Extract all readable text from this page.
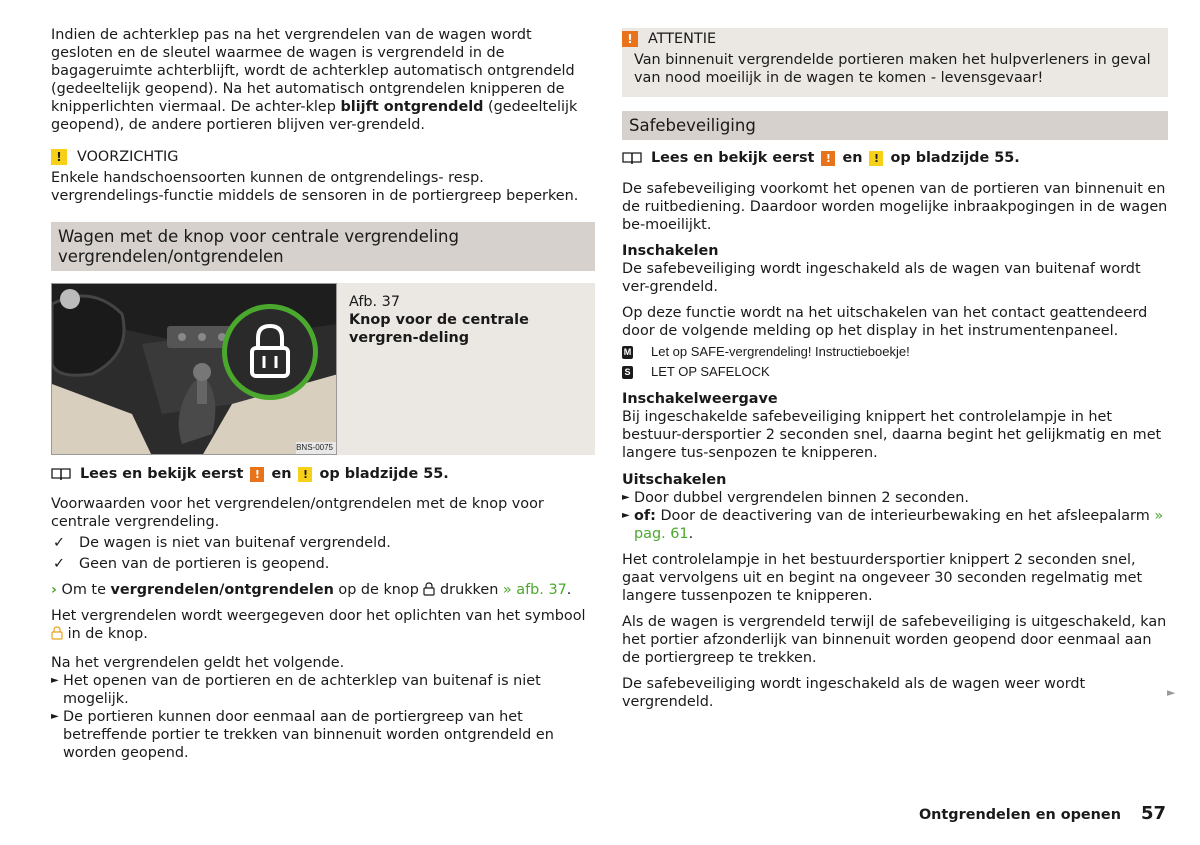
Indien de achterklep pas na het vergrendelen van de wagen wordt gesloten en de sleutel waarmee de wagen is vergrendeld in de bagageruimte achterblijft, wordt de achterklep automatisch ontgrendeld (gedeeltelijk geopend). Na het automatisch ontgrendelen knipperen de knipperlichten viermaal. De achter-klep blijft ontgrendeld (gedeeltelijk geopend), de andere portieren blijven ver-grendeld.

!	VOORZICHTIG

Enkele handschoensoorten kunnen de ontgrendelings- resp. vergrendelings-functie middels de sensoren in de portiergreep beperken.

Wagen met de knop voor centrale vergrendeling
vergrendelen/ontgrendelen
BNS-0075
Afb. 37
Knop voor de centrale vergren-deling
Lees en bekijk eerst
	!
en
	!
op bladzijde 55.

Voorwaarden voor het vergrendelen/ontgrendelen met de knop voor centrale vergrendeling.

✓ De wagen is niet van buitenaf vergrendeld.
✓ Geen van de portieren is geopend.

› Om te vergrendelen/ontgrendelen op de knop  drukken » afb. 37.

Het vergrendelen wordt weergegeven door het oplichten van het symbool  in de knop.

Na het vergrendelen geldt het volgende.

► Het openen van de portieren en de achterklep van buitenaf is niet mogelijk.
► De portieren kunnen door eenmaal aan de portiergreep van het betreffende portier te trekken van binnenuit worden ontgrendeld en worden geopend.
!	ATTENTIE

Van binnenuit vergrendelde portieren maken het hulpverleners in geval van nood moeilijk in de wagen te komen - levensgevaar!

Safebeveiliging
Lees en bekijk eerst
	!
en
	!
op bladzijde 55.

De safebeveiliging voorkomt het openen van de portieren van binnenuit en de ruitbediening. Daardoor worden mogelijke inbraakpogingen in de wagen be-moeilijkt.

Inschakelen

De safebeveiliging wordt ingeschakeld als de wagen van buitenaf wordt ver-grendeld.

Op deze functie wordt na het uitschakelen van het contact geattendeerd door de volgende melding op het display in het instrumentenpaneel.

M Let op SAFE-vergrendeling! Instructieboekje!
S LET OP SAFELOCK

Inschakelweergave

Bij ingeschakelde safebeveiliging knippert het controlelampje in het bestuur-dersportier 2 seconden snel, daarna begint het gelijkmatig en met langere tus-senpozen te knipperen.

Uitschakelen

► Door dubbel vergrendelen binnen 2 seconden.
► of: Door de deactivering van de interieurbewaking en het afsleepalarm » pag. 61.

Het controlelampje in het bestuurdersportier knippert 2 seconden snel, gaat vervolgens uit en begint na ongeveer 30 seconden regelmatig met langere tussenpozen te knipperen.

Als de wagen is vergrendeld terwijl de safebeveiliging is uitgeschakeld, kan het portier afzonderlijk van binnenuit worden geopend door eenmaal aan de portiergreep te trekken.

De safebeveiliging wordt ingeschakeld als de wagen weer wordt vergrendeld.

►
Ontgrendelen en openen 57
